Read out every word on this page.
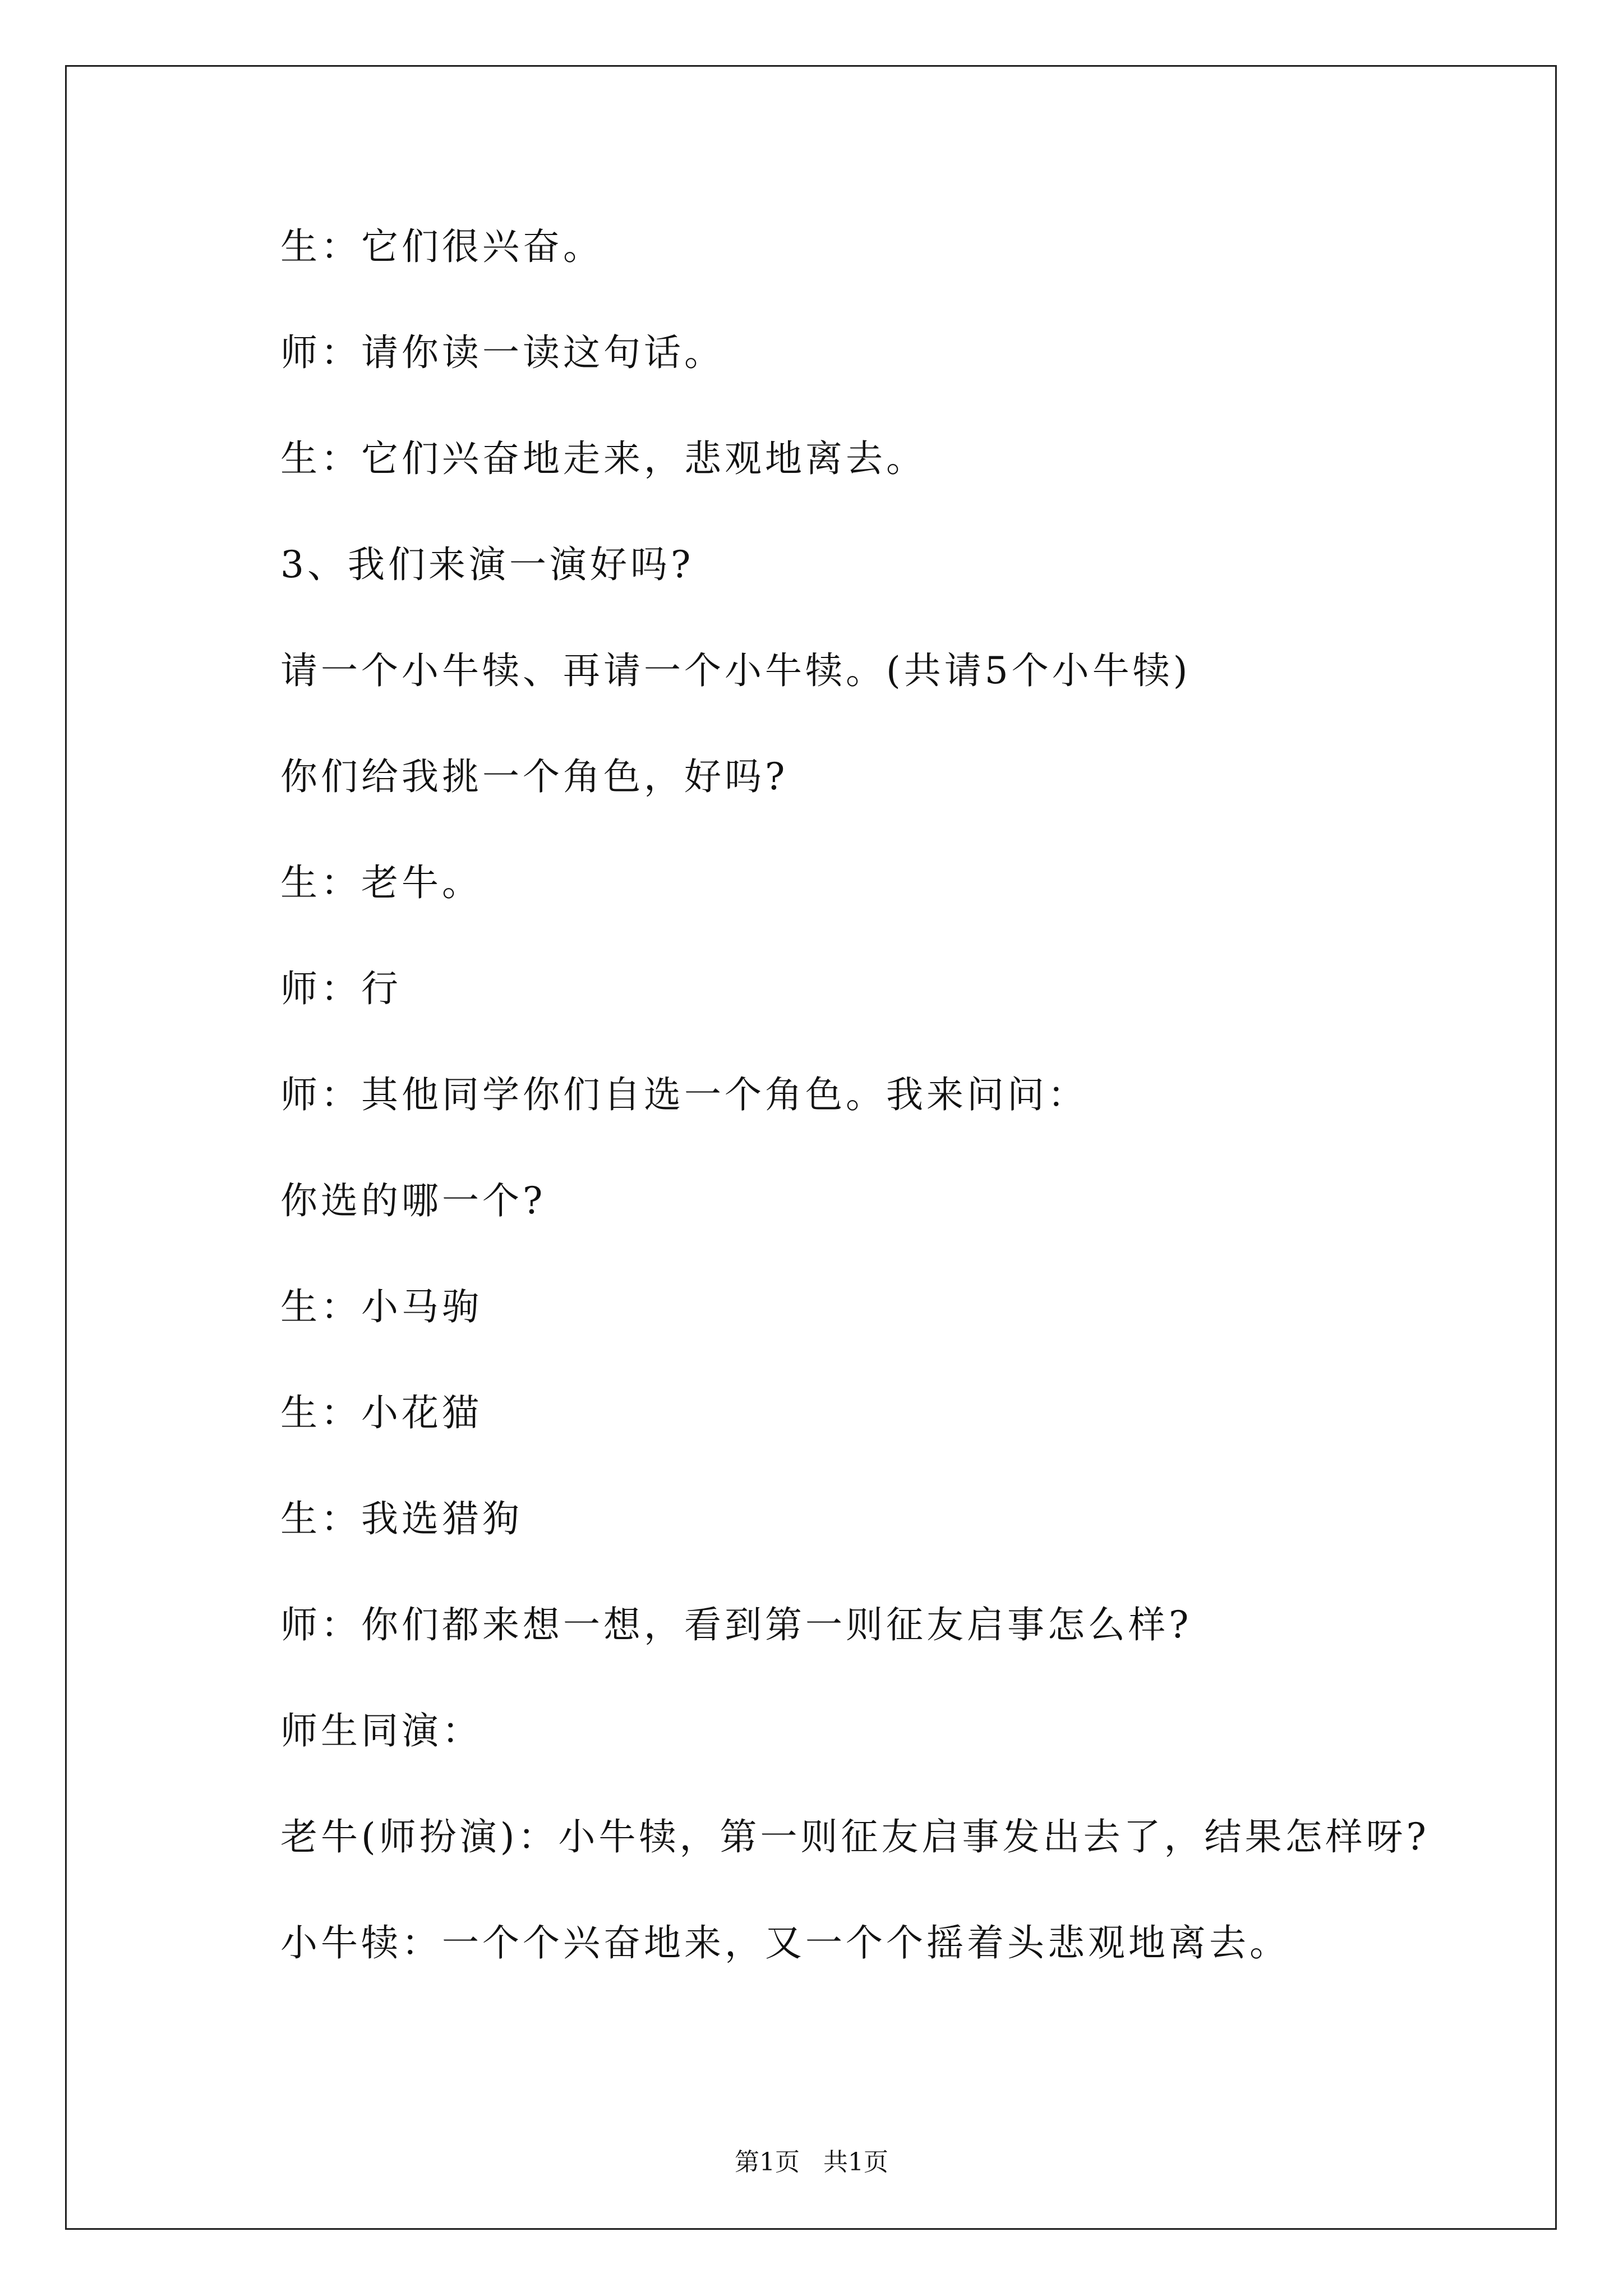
生：它们很兴奋。
师：请你读一读这句话。
生：它们兴奋地走来，悲观地离去。
3、我们来演一演好吗?
请一个小牛犊、再请一个小牛犊。(共请5个小牛犊)
你们给我挑一个角色，好吗?
生：老牛。
师：行
师：其他同学你们自选一个角色。我来问问：
你选的哪一个?
生：小马驹
生：小花猫
生：我选猎狗
师：你们都来想一想，看到第一则征友启事怎么样?
师生同演：
老牛(师扮演)：小牛犊，第一则征友启事发出去了，结果怎样呀?
小牛犊：一个个兴奋地来，又一个个摇着头悲观地离去。
第1页   共1页
